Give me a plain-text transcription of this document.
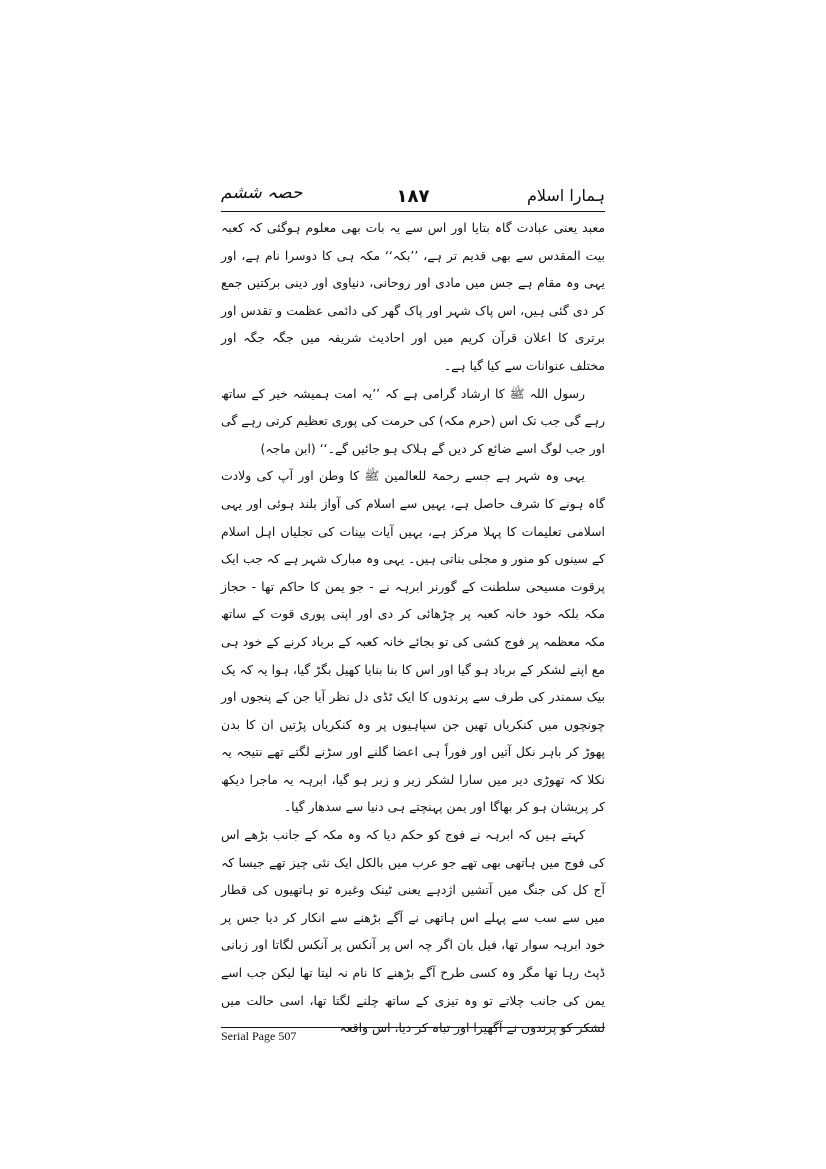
ہمارا اسلام
۱۸۷
حصہ ششم

معبد یعنی عبادت گاہ بتایا اور اس سے یہ بات بھی معلوم ہوگئی کہ کعبہ بیت المقدس سے بھی قدیم تر ہے، ’’بکہ‘‘ مکہ ہی کا دوسرا نام ہے، اور یہی وہ مقام ہے جس میں مادی اور روحانی، دنیاوی اور دینی برکتیں جمع کر دی گئی ہیں، اس پاک شہر اور پاک گھر کی دائمی عظمت و تقدس اور برتری کا اعلان قرآن کریم میں اور احادیث شریفہ میں جگہ جگہ اور مختلف عنوانات سے کیا گیا ہے۔

رسول اللہ ﷺ کا ارشاد گرامی ہے کہ ’’یہ امت ہمیشہ خیر کے ساتھ رہے گی جب تک اس (حرم مکہ) کی حرمت کی پوری تعظیم کرتی رہے گی اور جب لوگ اسے ضائع کر دیں گے ہلاک ہو جائیں گے۔‘‘ (ابن ماجہ)

یہی وہ شہر ہے جسے رحمۃ للعالمین ﷺ کا وطن اور آپ کی ولادت گاہ ہونے کا شرف حاصل ہے، یہیں سے اسلام کی آواز بلند ہوئی اور یہی اسلامی تعلیمات کا پہلا مرکز ہے، یہیں آیات بینات کی تجلیاں اہل اسلام کے سینوں کو منور و مجلی بناتی ہیں۔ یہی وہ مبارک شہر ہے کہ جب ایک پرقوت مسیحی سلطنت کے گورنر ابرہہ نے - جو یمن کا حاکم تھا - حجاز مکہ بلکہ خود خانہ کعبہ پر چڑھائی کر دی اور اپنی پوری قوت کے ساتھ مکہ معظمہ پر فوج کشی کی تو بجائے خانہ کعبہ کے برباد کرنے کے خود ہی مع اپنے لشکر کے برباد ہو گیا اور اس کا بنا بنایا کھیل بگڑ گیا، ہوا یہ کہ یک بیک سمندر کی طرف سے پرندوں کا ایک ٹڈی دل نظر آیا جن کے پنجوں اور چونچوں میں کنکریاں تھیں جن سپاہیوں پر وہ کنکریاں پڑتیں ان کا بدن پھوڑ کر باہر نکل آتیں اور فوراً ہی اعضا گلنے اور سڑنے لگتے تھے نتیجہ یہ نکلا کہ تھوڑی دیر میں سارا لشکر زیر و زبر ہو گیا، ابرہہ یہ ماجرا دیکھ کر پریشان ہو کر بھاگا اور یمن پہنچتے ہی دنیا سے سدھار گیا۔

کہتے ہیں کہ ابرہہ نے فوج کو حکم دیا کہ وہ مکہ کے جانب بڑھے اس کی فوج میں ہاتھی بھی تھے جو عرب میں بالکل ایک نئی چیز تھے جیسا کہ آج کل کی جنگ میں آتشیں اژدہے یعنی ٹینک وغیرہ تو ہاتھیوں کی قطار میں سے سب سے پہلے اس ہاتھی نے آگے بڑھنے سے انکار کر دیا جس پر خود ابرہہ سوار تھا، فیل بان اگر چہ اس پر آنکس پر آنکس لگاتا اور زبانی ڈپٹ رہا تھا مگر وہ کسی طرح آگے بڑھنے کا نام نہ لیتا تھا لیکن جب اسے یمن کی جانب چلاتے تو وہ تیزی کے ساتھ چلنے لگتا تھا، اسی حالت میں لشکر کو پرندوں نے آگھیرا اور تباہ کر دیا، اس واقعہ

Serial Page 507
